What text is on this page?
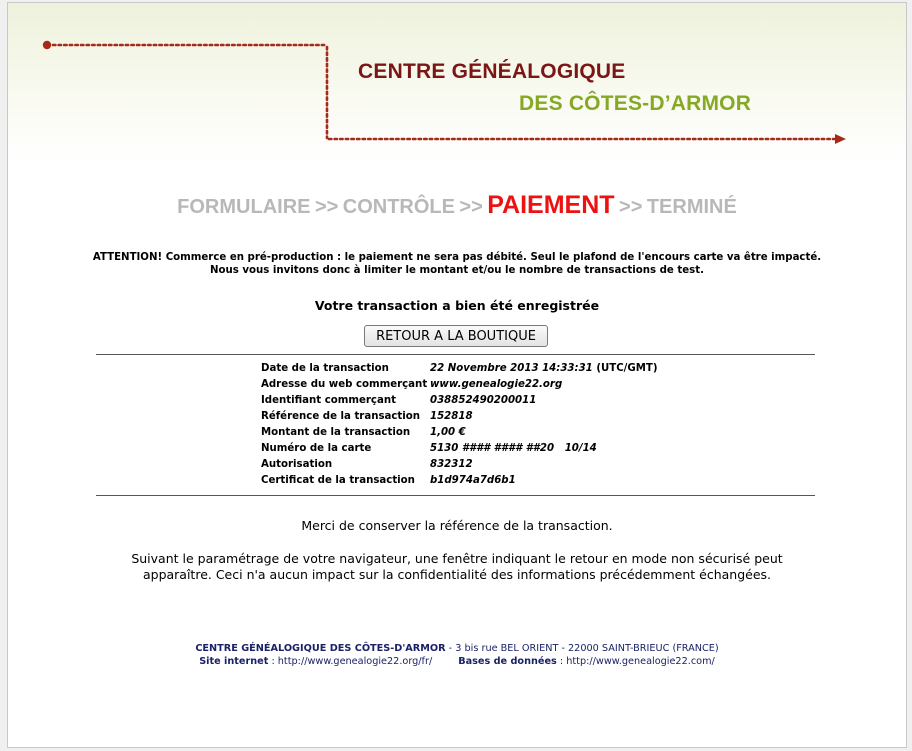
CENTRE GÉNÉALOGIQUE
DES CÔTES-D’ARMOR
FORMULAIRE >> CONTRÔLE >> PAIEMENT >> TERMINÉ
ATTENTION! Commerce en pré-production : le paiement ne sera pas débité. Seul le plafond de l'encours carte va être impacté.
Nous vous invitons donc à limiter le montant et/ou le nombre de transactions de test.
Votre transaction a bien été enregistrée
RETOUR A LA BOUTIQUE
Date de la transaction	22 Novembre 2013 14:33:31 (UTC/GMT)
Adresse du web commerçant www.genealogie22.org
Identifiant commerçant	038852490200011
Référence de la transaction 152818
Montant de la transaction 1,00 €
Numéro de la carte	5130 #### #### ##20   10/14
Autorisation	832312
Certificat de la transaction b1d974a7d6b1
Merci de conserver la référence de la transaction.
Suivant le paramétrage de votre navigateur, une fenêtre indiquant le retour en mode non sécurisé peut
apparaître. Ceci n'a aucun impact sur la confidentialité des informations précédemment échangées.
CENTRE GÉNÉALOGIQUE DES CÔTES-D'ARMOR - 3 bis rue BEL ORIENT - 22000 SAINT-BRIEUC (FRANCE)
Site internet : http://www.genealogie22.org/fr/	Bases de données : http://www.genealogie22.com/
